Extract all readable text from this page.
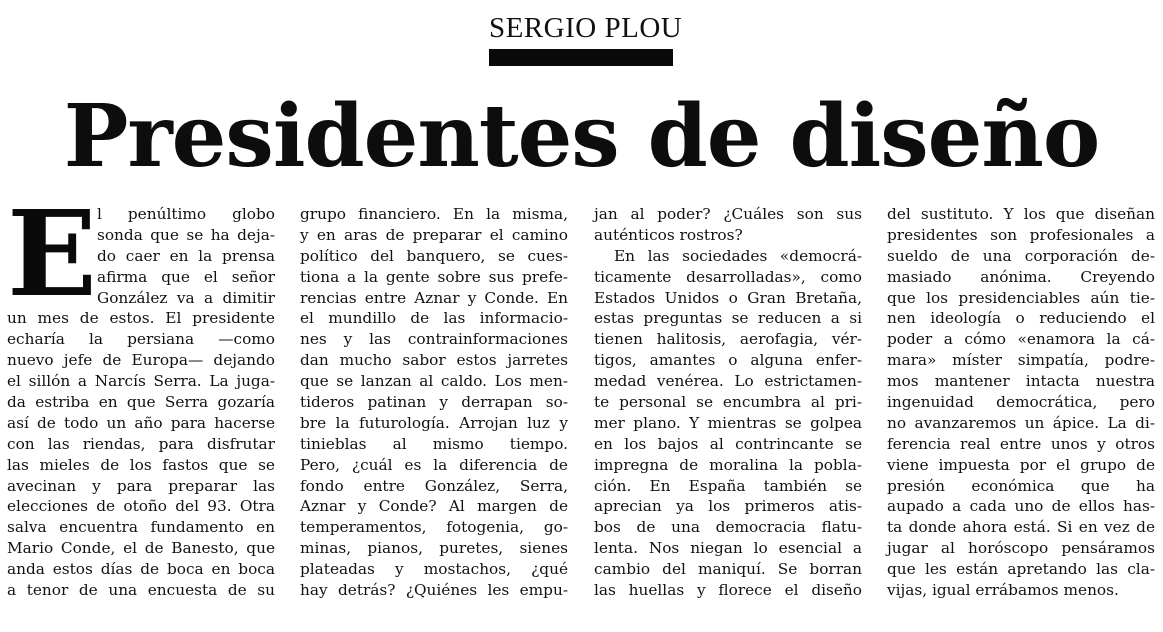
SERGIO PLOU
Presidentes de diseño
E l penúltimo globo
sonda que se ha deja-
do caer en la prensa
afirma que el señor
González va a dimitir
un mes de estos. El presidente
echaría la persiana —como
nuevo jefe de Europa— dejando
el sillón a Narcís Serra. La juga-
da estriba en que Serra gozaría
así de todo un año para hacerse
con las riendas, para disfrutar
las mieles de los fastos que se
avecinan y para preparar las
elecciones de otoño del 93. Otra
salva encuentra fundamento en
Mario Conde, el de Banesto, que
anda estos días de boca en boca
a tenor de una encuesta de su
grupo financiero. En la misma,
y en aras de preparar el camino
político del banquero, se cues-
tiona a la gente sobre sus prefe-
rencias entre Aznar y Conde. En
el mundillo de las informacio-
nes y las contrainformaciones
dan mucho sabor estos jarretes
que se lanzan al caldo. Los men-
tideros patinan y derrapan so-
bre la futurología. Arrojan luz y
tinieblas al mismo tiempo.
Pero, ¿cuál es la diferencia de
fondo entre González, Serra,
Aznar y Conde? Al margen de
temperamentos, fotogenia, go-
minas, pianos, puretes, sienes
plateadas y mostachos, ¿qué
hay detrás? ¿Quiénes les empu-
jan al poder? ¿Cuáles son sus
auténticos rostros?
En las sociedades «democrá-
ticamente desarrolladas», como
Estados Unidos o Gran Bretaña,
estas preguntas se reducen a si
tienen halitosis, aerofagia, vér-
tigos, amantes o alguna enfer-
medad venérea. Lo estrictamen-
te personal se encumbra al pri-
mer plano. Y mientras se golpea
en los bajos al contrincante se
impregna de moralina la pobla-
ción. En España también se
aprecian ya los primeros atis-
bos de una democracia flatu-
lenta. Nos niegan lo esencial a
cambio del maniquí. Se borran
las huellas y florece el diseño
del sustituto. Y los que diseñan
presidentes son profesionales a
sueldo de una corporación de-
masiado anónima. Creyendo
que los presidenciables aún tie-
nen ideología o reduciendo el
poder a cómo «enamora la cá-
mara» míster simpatía, podre-
mos mantener intacta nuestra
ingenuidad democrática, pero
no avanzaremos un ápice. La di-
ferencia real entre unos y otros
viene impuesta por el grupo de
presión económica que ha
aupado a cada uno de ellos has-
ta donde ahora está. Si en vez de
jugar al horóscopo pensáramos
que les están apretando las cla-
vijas, igual errábamos menos.
